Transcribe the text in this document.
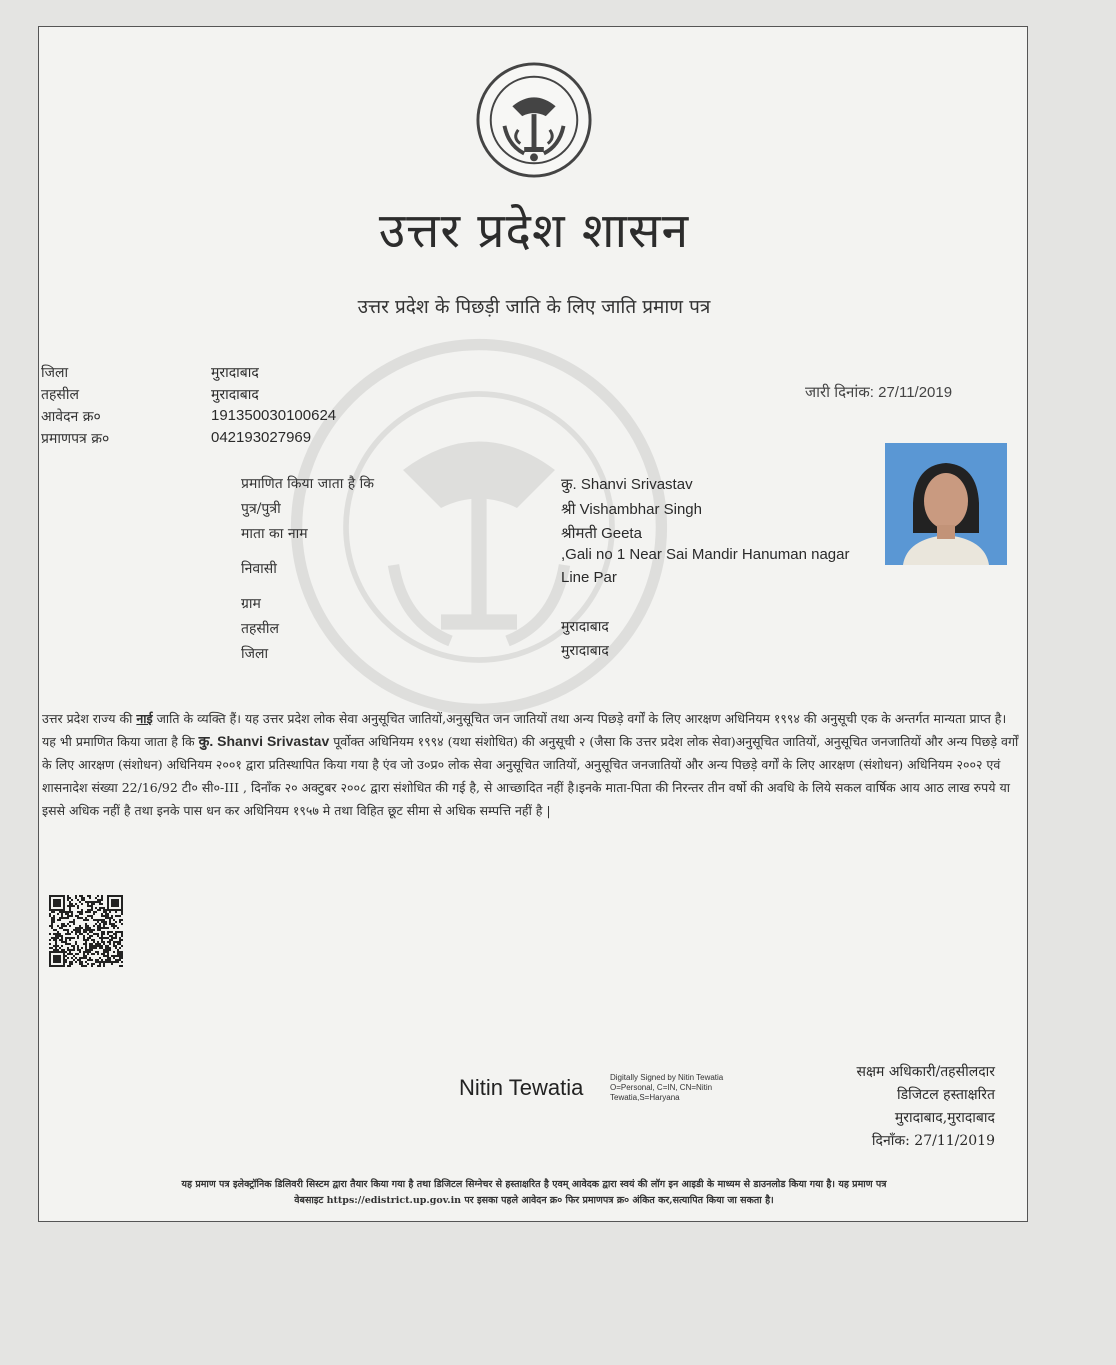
उत्तर प्रदेश शासन
उत्तर प्रदेश के पिछड़ी जाति के लिए जाति प्रमाण पत्र
जिला	मुरादाबाद
तहसील	मुरादाबाद
आवेदन क्र०	191350030100624
प्रमाणपत्र क्र०	042193027969
जारी दिनांक: 27/11/2019
प्रमाणित किया जाता है कि	कु. Shanvi Srivastav
पुत्र/पुत्री	श्री Vishambhar Singh
माता का नाम	श्रीमती Geeta
निवासी
,Gali no 1 Near Sai Mandir Hanuman nagar
Line Par
ग्राम
तहसील	मुरादाबाद
जिला	मुरादाबाद

उत्तर प्रदेश राज्य की नाई जाति के व्यक्ति हैं। यह उत्तर प्रदेश लोक सेवा अनुसूचित जातियों,अनुसूचित जन जातियों तथा अन्य पिछड़े वर्गों के लिए आरक्षण अधिनियम १९९४ की अनुसूची एक के अन्तर्गत मान्यता प्राप्त है।

यह भी प्रमाणित किया जाता है कि कु. Shanvi Srivastav पूर्वोक्त अधिनियम १९९४ (यथा संशोधित) की अनुसूची २ (जैसा कि उत्तर प्रदेश लोक सेवा)अनुसूचित जातियों, अनुसूचित जनजातियों और अन्य पिछड़े वर्गों के लिए आरक्षण (संशोधन) अधिनियम २००१ द्वारा प्रतिस्थापित किया गया है एंव जो उ०प्र० लोक सेवा अनुसूचित जातियों, अनुसूचित जनजातियों और अन्य पिछड़े वर्गों के लिए आरक्षण (संशोधन) अधिनियम २००२ एवं शासनादेश संख्या 22/16/92 टी० सी०-III , दिनाँक २० अक्टुबर २००८ द्वारा संशोधित की गई है, से आच्छादित नहीं है।इनके माता-पिता की निरन्तर तीन वर्षो की अवधि के लिये सकल वार्षिक आय आठ लाख रुपये या इससे अधिक नहीं है तथा इनके पास धन कर अधिनियम १९५७ मे तथा विहित छूट सीमा से अधिक सम्पत्ति नहीं है |

Nitin Tewatia	Digitally Signed by Nitin Tewatia
O=Personal, C=IN, CN=Nitin
Tewatia,S=Haryana
सक्षम अधिकारी/तहसीलदार
डिजिटल हस्ताक्षरित
मुरादाबाद,मुरादाबाद
दिनाँक: 27/11/2019
यह प्रमाण पत्र इलेक्ट्रॉनिक डिलिवरी सिस्टम द्वारा तैयार किया गया है तथा डिजिटल सिग्नेचर से हस्ताक्षरित है एवम् आवेदक द्वारा स्वयं की लॉग इन आइडी के माध्यम से डाउनलोड किया गया है। यह प्रमाण पत्र
वेबसाइट https://edistrict.up.gov.in पर इसका पहले आवेदन क्र० फिर प्रमाणपत्र क्र० अंकित कर,सत्यापित किया जा सकता है।
